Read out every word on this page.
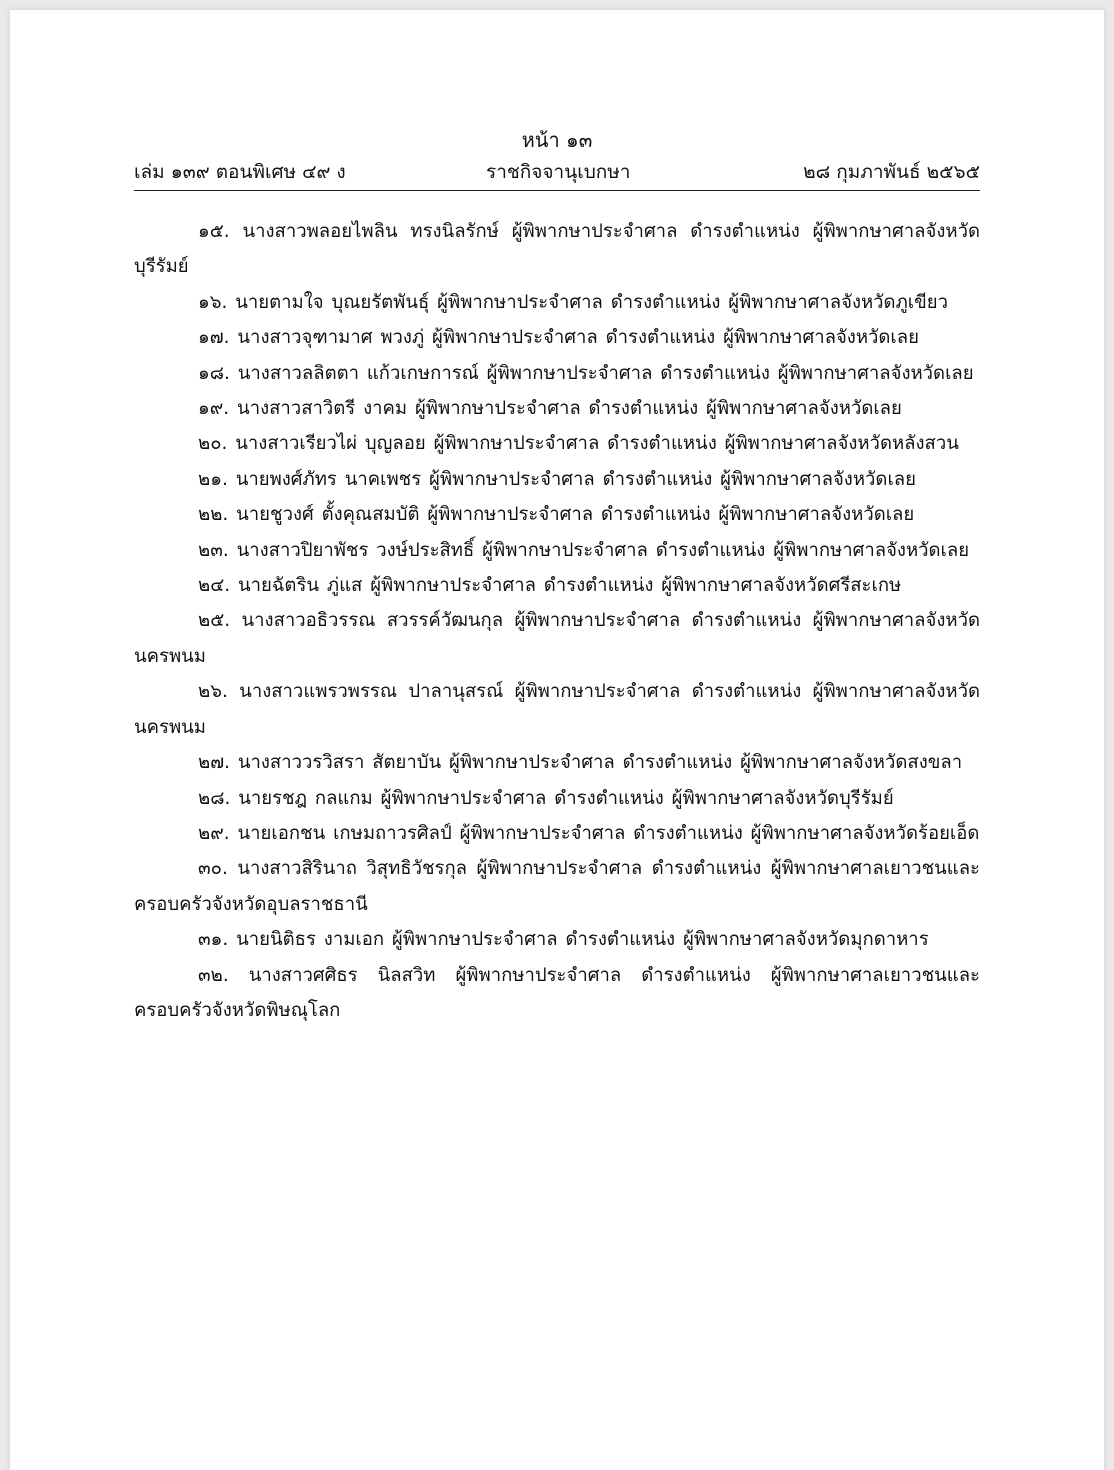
หน้า ๑๓
เล่ม ๑๓๙ ตอนพิเศษ ๔๙ ง	ราชกิจจานุเบกษา	๒๘ กุมภาพันธ์ ๒๕๖๕

๑๕. นางสาวพลอยไพลิน ทรงนิลรักษ์ ผู้พิพากษาประจำศาล ดำรงตำแหน่ง ผู้พิพากษาศาลจังหวัดบุรีรัมย์

๑๖. นายตามใจ บุณยรัตพันธุ์ ผู้พิพากษาประจำศาล ดำรงตำแหน่ง ผู้พิพากษาศาลจังหวัดภูเขียว

๑๗. นางสาวจุฑามาศ พวงภู่ ผู้พิพากษาประจำศาล ดำรงตำแหน่ง ผู้พิพากษาศาลจังหวัดเลย

๑๘. นางสาวลลิตตา แก้วเกษการณ์ ผู้พิพากษาประจำศาล ดำรงตำแหน่ง ผู้พิพากษาศาลจังหวัดเลย

๑๙. นางสาวสาวิตรี งาคม ผู้พิพากษาประจำศาล ดำรงตำแหน่ง ผู้พิพากษาศาลจังหวัดเลย

๒๐. นางสาวเรียวไผ่ บุญลอย ผู้พิพากษาประจำศาล ดำรงตำแหน่ง ผู้พิพากษาศาลจังหวัดหลังสวน

๒๑. นายพงศ์ภัทร นาคเพชร ผู้พิพากษาประจำศาล ดำรงตำแหน่ง ผู้พิพากษาศาลจังหวัดเลย

๒๒. นายชูวงศ์ ตั้งคุณสมบัติ ผู้พิพากษาประจำศาล ดำรงตำแหน่ง ผู้พิพากษาศาลจังหวัดเลย

๒๓. นางสาวปิยาพัชร วงษ์ประสิทธิ์ ผู้พิพากษาประจำศาล ดำรงตำแหน่ง ผู้พิพากษาศาลจังหวัดเลย

๒๔. นายฉัตริน ภู่แส ผู้พิพากษาประจำศาล ดำรงตำแหน่ง ผู้พิพากษาศาลจังหวัดศรีสะเกษ

๒๕. นางสาวอธิวรรณ สวรรค์วัฒนกุล ผู้พิพากษาประจำศาล ดำรงตำแหน่ง ผู้พิพากษาศาลจังหวัดนครพนม

๒๖. นางสาวแพรวพรรณ ปาลานุสรณ์ ผู้พิพากษาประจำศาล ดำรงตำแหน่ง ผู้พิพากษาศาลจังหวัดนครพนม

๒๗. นางสาววรวิสรา สัตยาบัน ผู้พิพากษาประจำศาล ดำรงตำแหน่ง ผู้พิพากษาศาลจังหวัดสงขลา

๒๘. นายรชฎ กลแกม ผู้พิพากษาประจำศาล ดำรงตำแหน่ง ผู้พิพากษาศาลจังหวัดบุรีรัมย์

๒๙. นายเอกชน เกษมถาวรศิลป์ ผู้พิพากษาประจำศาล ดำรงตำแหน่ง ผู้พิพากษาศาลจังหวัดร้อยเอ็ด

๓๐. นางสาวสิรินาถ วิสุทธิวัชรกุล ผู้พิพากษาประจำศาล ดำรงตำแหน่ง ผู้พิพากษาศาลเยาวชนและครอบครัวจังหวัดอุบลราชธานี

๓๑. นายนิติธร งามเอก ผู้พิพากษาประจำศาล ดำรงตำแหน่ง ผู้พิพากษาศาลจังหวัดมุกดาหาร

๓๒. นางสาวศศิธร นิลสวิท ผู้พิพากษาประจำศาล ดำรงตำแหน่ง ผู้พิพากษาศาลเยาวชนและครอบครัวจังหวัดพิษณุโลก
